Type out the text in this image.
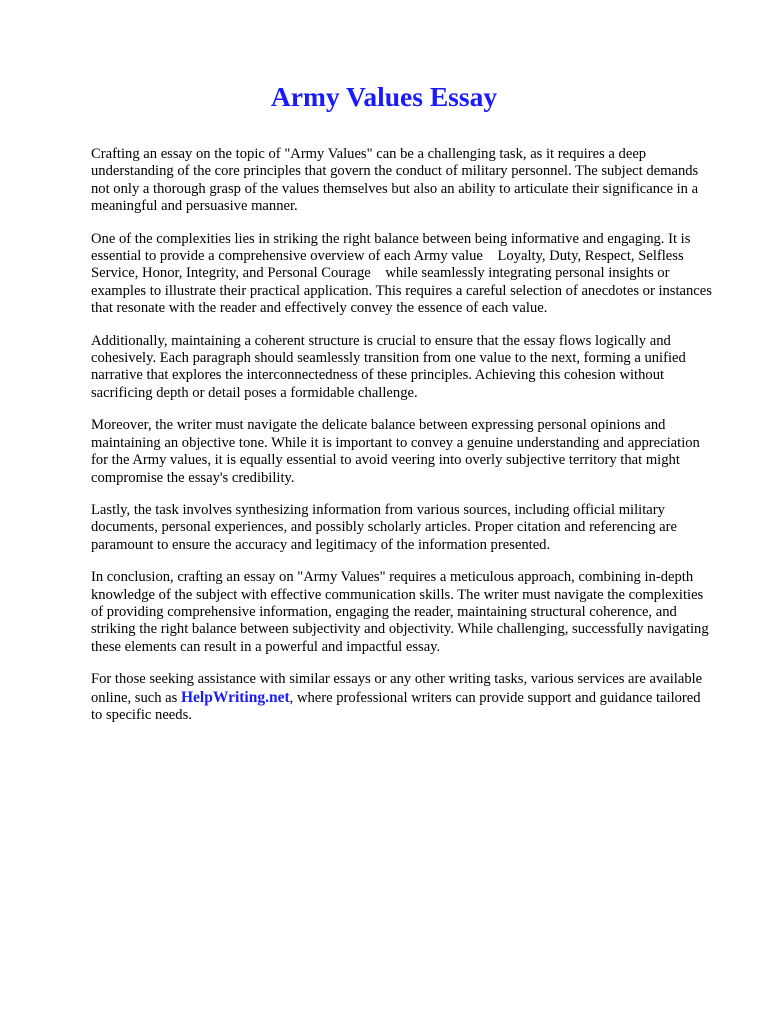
Army Values Essay

Crafting an essay on the topic of "Army Values" can be a challenging task, as it requires a deep understanding of the core principles that govern the conduct of military personnel. The subject demands not only a thorough grasp of the values themselves but also an ability to articulate their significance in a meaningful and persuasive manner.

One of the complexities lies in striking the right balance between being informative and engaging. It is essential to provide a comprehensive overview of each Army value Loyalty, Duty, Respect, Selfless Service, Honor, Integrity, and Personal Courage while seamlessly integrating personal insights or examples to illustrate their practical application. This requires a careful selection of anecdotes or instances that resonate with the reader and effectively convey the essence of each value.

Additionally, maintaining a coherent structure is crucial to ensure that the essay flows logically and cohesively. Each paragraph should seamlessly transition from one value to the next, forming a unified narrative that explores the interconnectedness of these principles. Achieving this cohesion without sacrificing depth or detail poses a formidable challenge.

Moreover, the writer must navigate the delicate balance between expressing personal opinions and maintaining an objective tone. While it is important to convey a genuine understanding and appreciation for the Army values, it is equally essential to avoid veering into overly subjective territory that might compromise the essay's credibility.

Lastly, the task involves synthesizing information from various sources, including official military documents, personal experiences, and possibly scholarly articles. Proper citation and referencing are paramount to ensure the accuracy and legitimacy of the information presented.

In conclusion, crafting an essay on "Army Values" requires a meticulous approach, combining in-depth knowledge of the subject with effective communication skills. The writer must navigate the complexities of providing comprehensive information, engaging the reader, maintaining structural coherence, and striking the right balance between subjectivity and objectivity. While challenging, successfully navigating these elements can result in a powerful and impactful essay.

For those seeking assistance with similar essays or any other writing tasks, various services are available online, such as HelpWriting.net, where professional writers can provide support and guidance tailored to specific needs.
